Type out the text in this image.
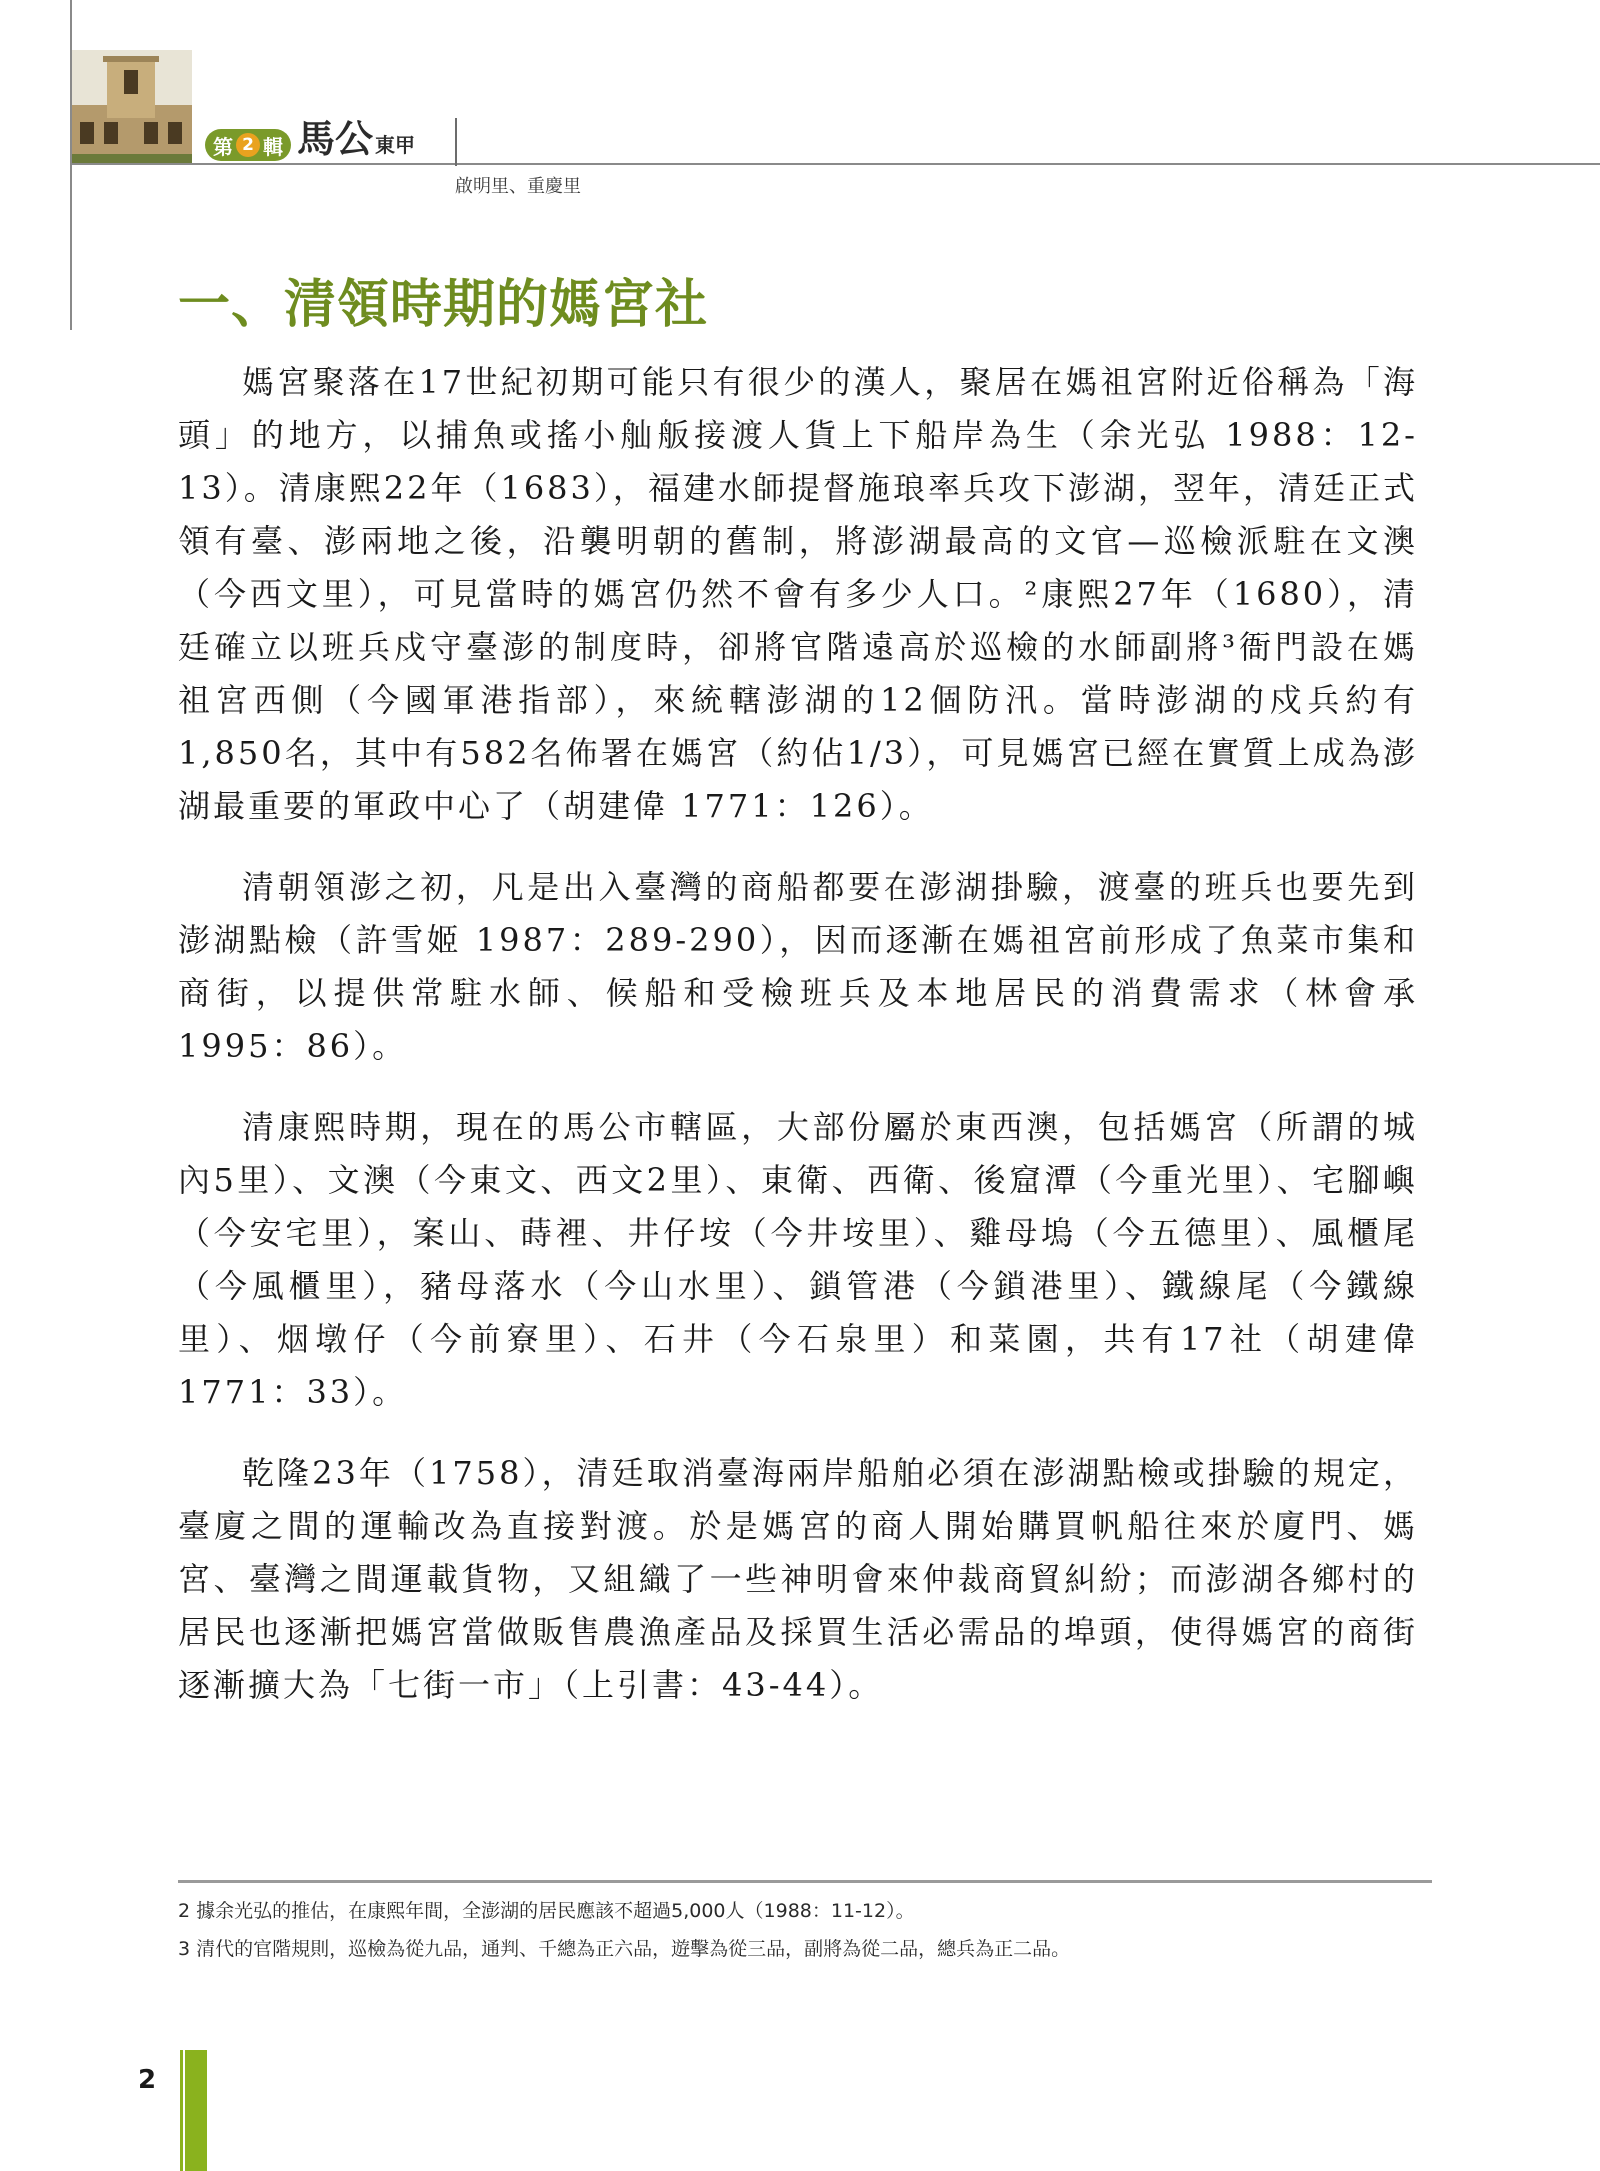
第 2 輯 馬公 東甲
啟明里、重慶里
一、清領時期的媽宮社

媽宮聚落在17世紀初期可能只有很少的漢人，聚居在媽祖宮附近俗稱為「海頭」的地方，以捕魚或搖小舢舨接渡人貨上下船岸為生（余光弘 1988：12-13）。清康熙22年（1683），福建水師提督施琅率兵攻下澎湖，翌年，清廷正式領有臺、澎兩地之後，沿襲明朝的舊制，將澎湖最高的文官—巡檢派駐在文澳（今西文里），可見當時的媽宮仍然不會有多少人口。²康熙27年（1680），清廷確立以班兵戍守臺澎的制度時，卻將官階遠高於巡檢的水師副將³衙門設在媽祖宮西側（今國軍港指部），來統轄澎湖的12個防汛。當時澎湖的戍兵約有1,850名，其中有582名佈署在媽宮（約佔1/3），可見媽宮已經在實質上成為澎湖最重要的軍政中心了（胡建偉 1771：126）。

清朝領澎之初，凡是出入臺灣的商船都要在澎湖掛驗，渡臺的班兵也要先到澎湖點檢（許雪姬 1987：289-290），因而逐漸在媽祖宮前形成了魚菜市集和商街，以提供常駐水師、候船和受檢班兵及本地居民的消費需求（林會承 1995：86）。

清康熙時期，現在的馬公市轄區，大部份屬於東西澳，包括媽宮（所謂的城內5里）、文澳（今東文、西文2里）、東衛、西衛、後窟潭（今重光里）、宅腳嶼（今安宅里），案山、蒔裡、井仔垵（今井垵里）、雞母塢（今五德里）、風櫃尾（今風櫃里），豬母落水（今山水里）、鎖管港（今鎖港里）、鐵線尾（今鐵線里）、烟墩仔（今前寮里）、石井（今石泉里）和菜園，共有17社（胡建偉 1771：33）。

乾隆23年（1758），清廷取消臺海兩岸船舶必須在澎湖點檢或掛驗的規定，臺廈之間的運輸改為直接對渡。於是媽宮的商人開始購買帆船往來於廈門、媽宮、臺灣之間運載貨物，又組織了一些神明會來仲裁商貿糾紛；而澎湖各鄉村的居民也逐漸把媽宮當做販售農漁產品及採買生活必需品的埠頭，使得媽宮的商街逐漸擴大為「七街一市」（上引書：43-44）。

2 據余光弘的推估，在康熙年間，全澎湖的居民應該不超過5,000人（1988：11-12）。

3 清代的官階規則，巡檢為從九品，通判、千總為正六品，遊擊為從三品，副將為從二品，總兵為正二品。

2
